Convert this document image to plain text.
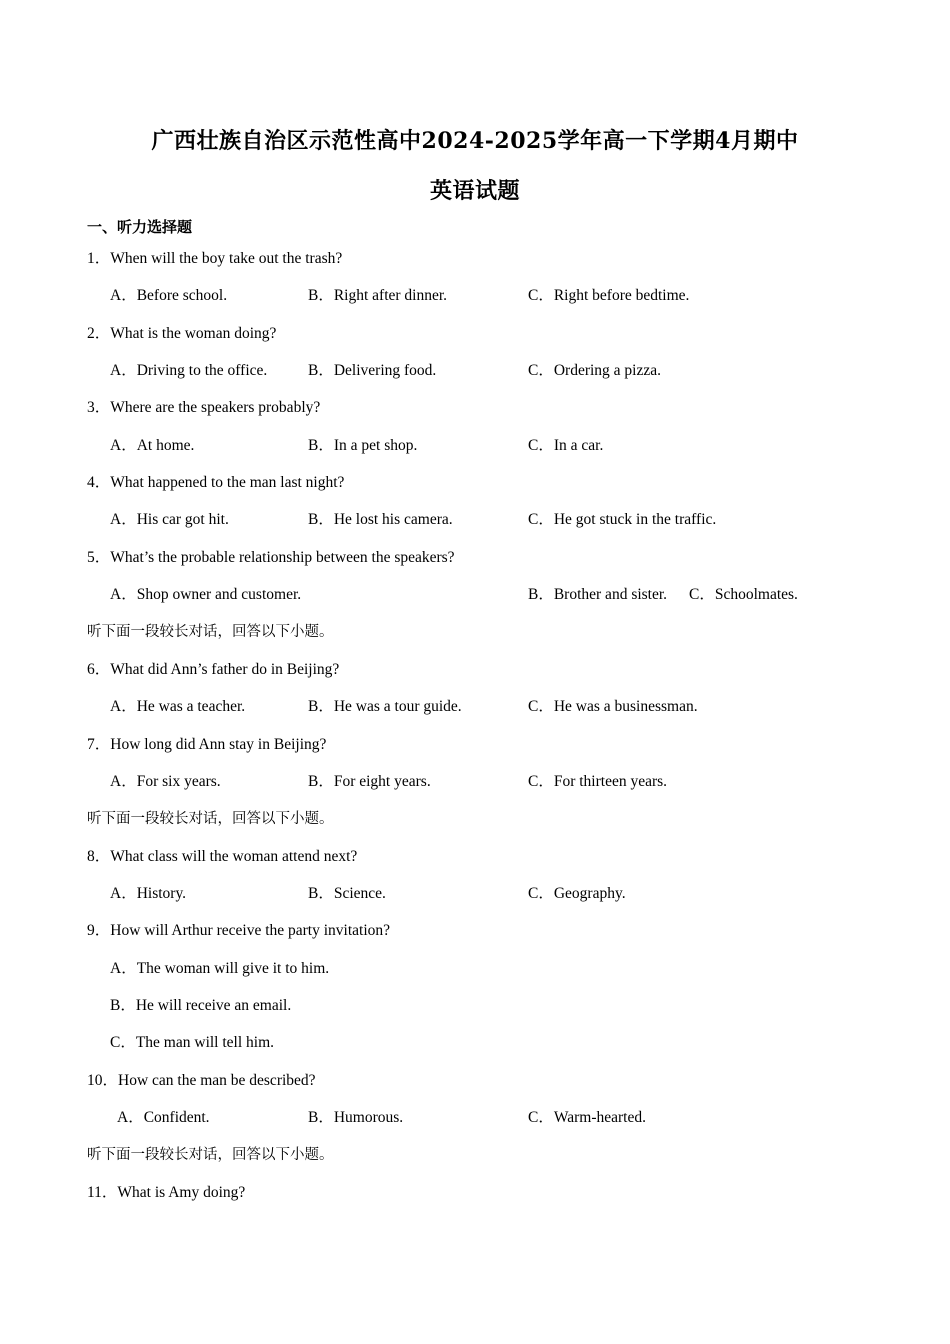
广西壮族自治区示范性高中2024-2025学年高一下学期4月期中
英语试题
一、听力选择题
1．When will the boy take out the trash?
A．Before school.	B．Right after dinner.	C．Right before bedtime.
2．What is the woman doing?
A．Driving to the office.	B．Delivering food.	C．Ordering a pizza.
3．Where are the speakers probably?
A．At home.	B．In a pet shop.	C．In a car.
4．What happened to the man last night?
A．His car got hit.	B．He lost his camera.	C．He got stuck in the traffic.
5．What’s the probable relationship between the speakers?
A．Shop owner and customer.	B．Brother and sister. C．Schoolmates.
听下面一段较长对话，回答以下小题。
6．What did Ann’s father do in Beijing?
A．He was a teacher.	B．He was a tour guide.	C．He was a businessman.
7．How long did Ann stay in Beijing?
A．For six years.	B．For eight years.	C．For thirteen years.
听下面一段较长对话，回答以下小题。
8．What class will the woman attend next?
A．History.	B．Science.	C．Geography.
9．How will Arthur receive the party invitation?
A．The woman will give it to him.
B．He will receive an email.
C．The man will tell him.
10．How can the man be described?
A．Confident.	B．Humorous.	C．Warm-hearted.
听下面一段较长对话，回答以下小题。
11．What is Amy doing?
